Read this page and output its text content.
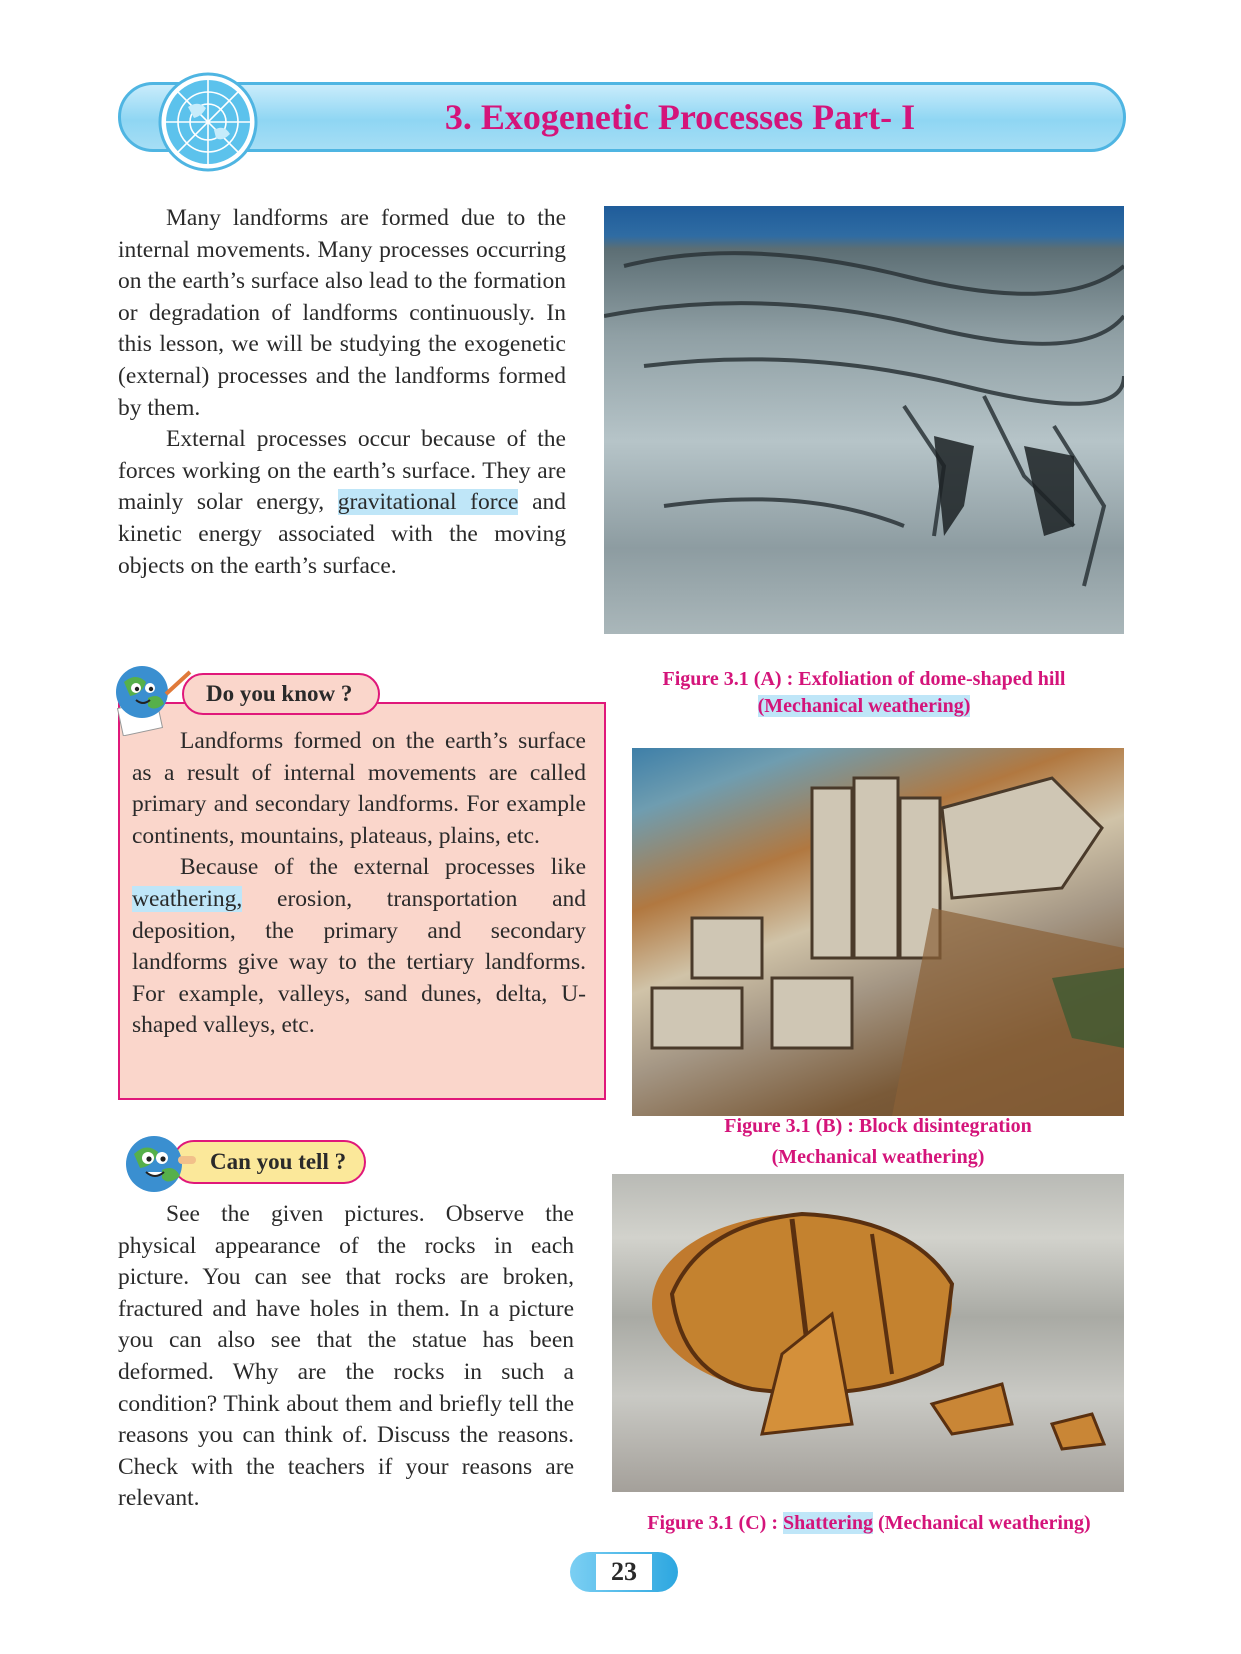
3. Exogenetic Processes Part- I

Many landforms are formed due to the internal movements. Many processes occurring on the earth’s surface also lead to the formation or degradation of landforms continuously. In this lesson, we will be studying the exogenetic (external) processes and the landforms formed by them.

External processes occur because of the forces working on the earth’s surface. They are mainly solar energy, gravitational force and kinetic energy associated with the moving objects on the earth’s surface.

Do you know ?

Landforms formed on the earth’s surface as a result of internal movements are called primary and secondary landforms. For example continents, mountains, plateaus, plains, etc.

Because of the external processes like weathering, erosion, transportation and deposition, the primary and secondary landforms give way to the tertiary landforms. For example, valleys, sand dunes, delta, U-shaped valleys, etc.

Can you tell ?

See the given pictures. Observe the physical appearance of the rocks in each picture. You can see that rocks are broken, fractured and have holes in them. In a picture you can also see that the statue has been deformed. Why are the rocks in such a condition? Think about them and briefly tell the reasons you can think of. Discuss the reasons. Check with the teachers if your reasons are relevant.

Figure 3.1 (A) : Exfoliation of dome-shaped hill
(Mechanical weathering)
Figure 3.1 (B) : Block disintegration
(Mechanical weathering)
Figure 3.1 (C) : Shattering (Mechanical weathering)
23
